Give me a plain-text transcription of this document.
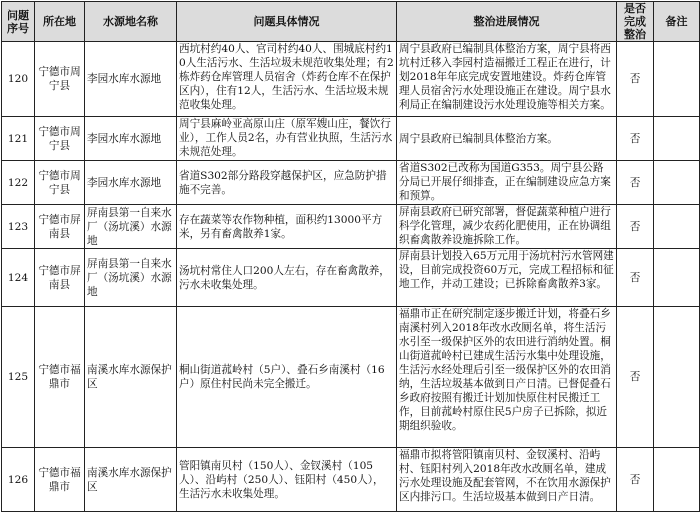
问题序号	所在地	水源地名称	问题具体情况	整治进展情况	是否完成整治	备注
120	宁德市周宁县	李园水库水源地	西坑村约40人、官司村约40人、围城底村约10人生活污水、生活垃圾未规范收集处理；有2栋炸药仓库管理人员宿舍（炸药仓库不在保护区内），住有12人，生活污水、生活垃圾未规范收集处理。	周宁县政府已编制具体整治方案，周宁县将西坑村迁移入李园村造福搬迁工程正在进行，计划2018年年底完成安置地建设。炸药仓库管理人员宿舍污水处理设施正在建设。周宁县水利局正在编制建设污水处理设施等相关方案。	否	
121	宁德市周宁县	李园水库水源地	周宁县麻岭亚高原山庄（原军嫂山庄，餐饮行业），工作人员2名，办有营业执照，生活污水未规范处理。	周宁县政府已编制具体整治方案。	否	
122	宁德市周宁县	李园水库水源地	省道S302部分路段穿越保护区，应急防护措施不完善。	省道S302已改称为国道G353。周宁县公路分局已开展仔细排查，正在编制建设应急方案和预算。	否	
123	宁德市屏南县	屏南县第一自来水厂（汤坑溪）水源地	存在蔬菜等农作物种植，面积约13000平方米，另有畜禽散养1家。	屏南县政府已研究部署，督促蔬菜种植户进行科学化管理，减少农药化肥使用，正在协调组织畜禽散养设施拆除工作。	否	
124	宁德市屏南县	屏南县第一自来水厂（汤坑溪）水源地	汤坑村常住人口200人左右，存在畜禽散养，污水未收集处理。	屏南县计划投入65万元用于汤坑村污水管网建设，目前完成投资60万元，完成工程招标和征地工作，并动工建设；已拆除畜禽散养3家。	否	
125	宁德市福鼎市	南溪水库水源保护区	桐山街道菰岭村（5户）、叠石乡南溪村（16户）原住村民尚未完全搬迁。	福鼎市正在研究制定逐步搬迁计划，将叠石乡南溪村列入2018年改水改厕名单，将生活污水引至一级保护区外的农田进行消纳处置。桐山街道菰岭村已建成生活污水集中处理设施，生活污水经处理后引至一级保护区外的农田消纳，生活垃圾基本做到日产日清。已督促叠石乡政府按照有搬迁计划加快原住村民搬迁工作，目前菰岭村原住民5户房子已拆除，拟近期组织验收。	否	
126	宁德市福鼎市	南溪水库水源保护区	管阳镇南贝村（150人）、金钗溪村（105人）、沿屿村（250人）、钰阳村（450人），生活污水未收集处理。	福鼎市拟将管阳镇南贝村、金钗溪村、沿屿村、钰阳村列入2018年改水改厕名单，建成污水处理设施及配套管网，不在饮用水源保护区内排污口。生活垃圾基本做到日产日清。	否	
